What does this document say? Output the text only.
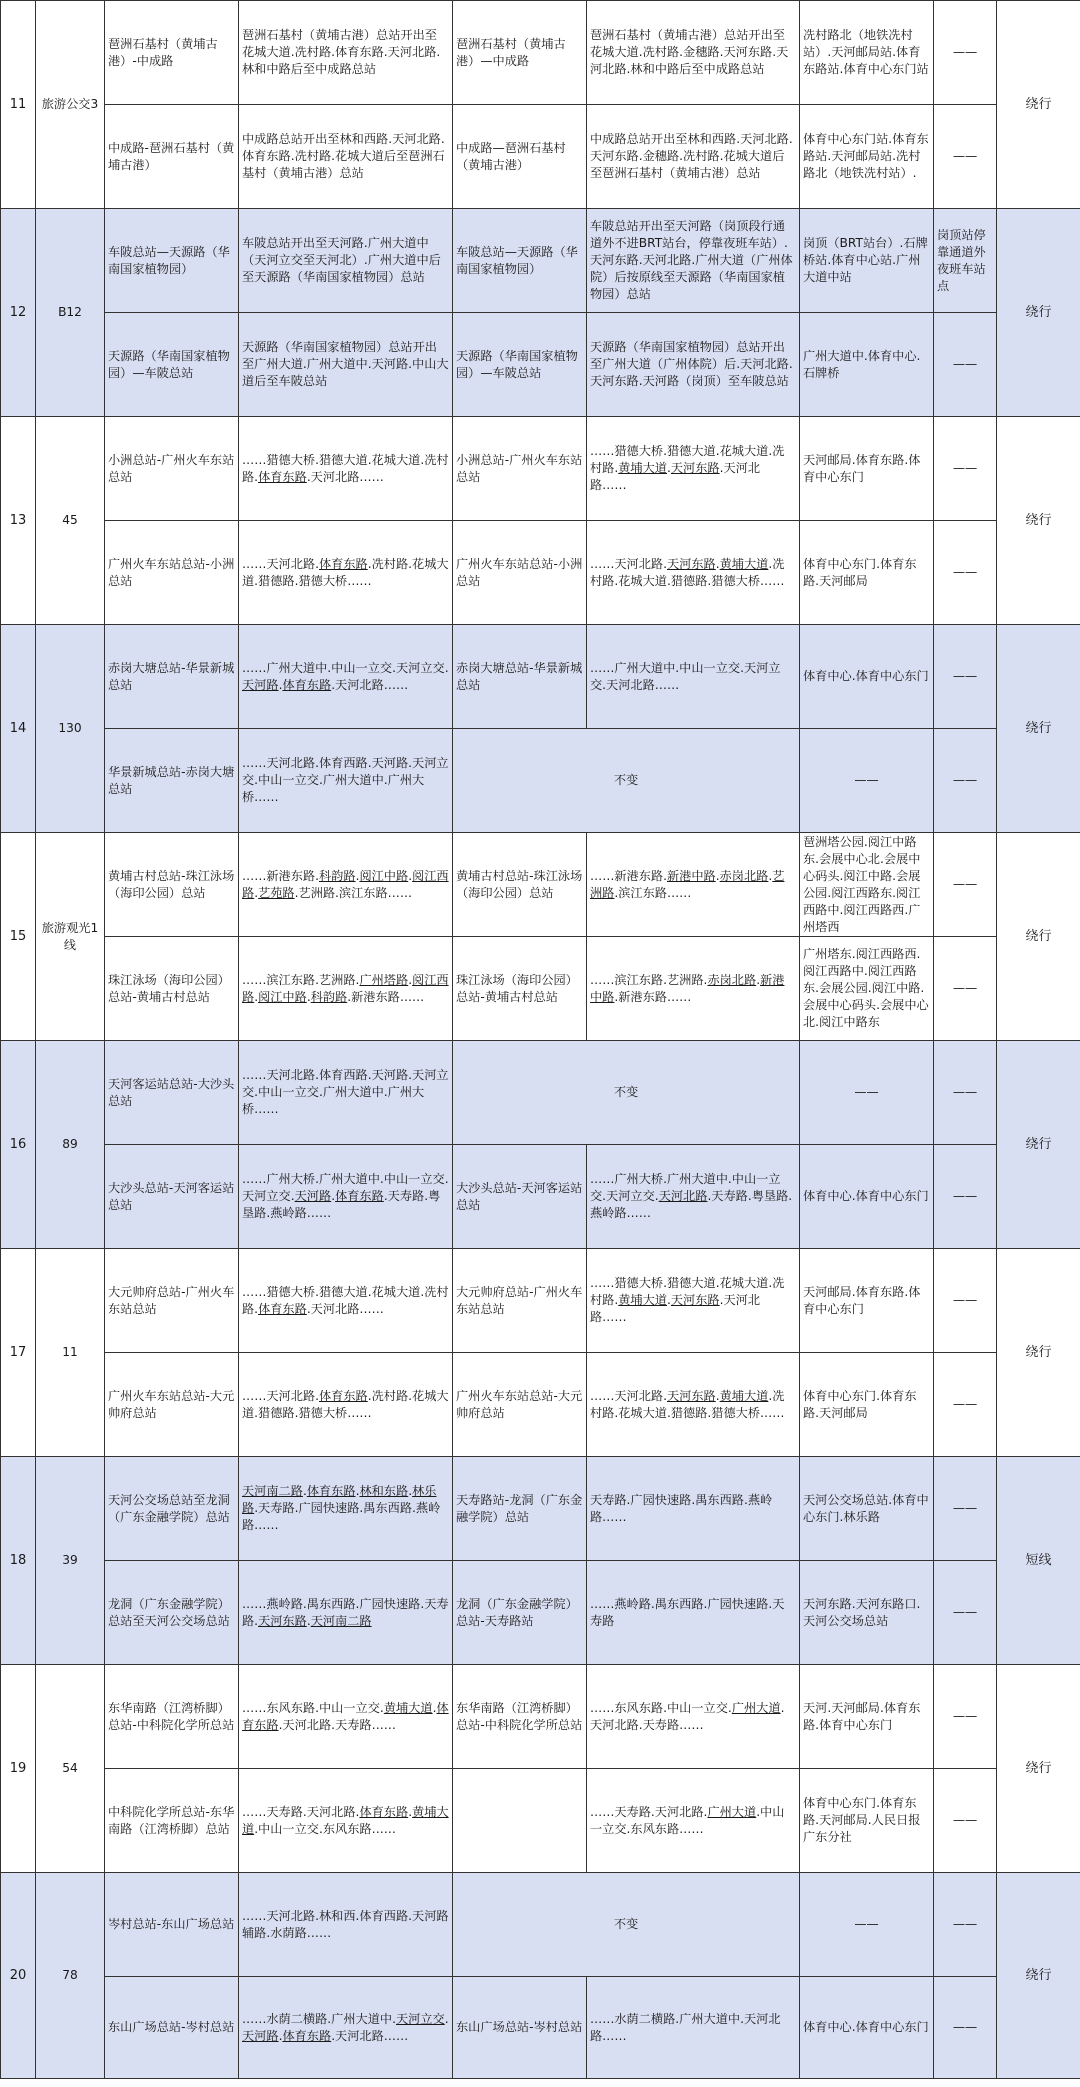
11	旅游公交3	琶洲石基村（黄埔古港）-中成路	琶洲石基村（黄埔古港）总站开出至花城大道.冼村路.体育东路.天河北路.林和中路后至中成路总站	琶洲石基村（黄埔古港）—中成路	琶洲石基村（黄埔古港）总站开出至花城大道.冼村路.金穗路.天河东路.天河北路.林和中路后至中成路总站	冼村路北（地铁冼村站）.天河邮局站.体育东路站.体育中心东门站	——	绕行
		中成路-琶洲石基村（黄埔古港）	中成路总站开出至林和西路.天河北路.体育东路.冼村路.花城大道后至琶洲石基村（黄埔古港）总站	中成路—琶洲石基村（黄埔古港）	中成路总站开出至林和西路.天河北路.天河东路.金穗路.冼村路.花城大道后至琶洲石基村（黄埔古港）总站	体育中心东门站.体育东路站.天河邮局站.冼村路北（地铁冼村站）.	——	
12	B12	车陂总站—天源路（华南国家植物园）	车陂总站开出至天河路.广州大道中（天河立交至天河北）.广州大道中后至天源路（华南国家植物园）总站	车陂总站—天源路（华南国家植物园）	车陂总站开出至天河路（岗顶段行通道外不进BRT站台，停靠夜班车站）.天河东路.天河北路.广州大道（广州体院）后按原线至天源路（华南国家植物园）总站	岗顶（BRT站台）.石牌桥站.体育中心站.广州大道中站	岗顶站停靠通道外夜班车站点	绕行
		天源路（华南国家植物园）—车陂总站	天源路（华南国家植物园）总站开出至广州大道.广州大道中.天河路.中山大道后至车陂总站	天源路（华南国家植物园）—车陂总站	天源路（华南国家植物园）总站开出至广州大道（广州体院）后.天河北路.天河东路.天河路（岗顶）至车陂总站	广州大道中.体育中心.石牌桥	——	
13	45	小洲总站-广州火车东站总站	……猎德大桥.猎德大道.花城大道.冼村路.体育东路.天河北路……	小洲总站-广州火车东站总站	……猎德大桥.猎德大道.花城大道.冼村路.黄埔大道.天河东路.天河北路……	天河邮局.体育东路.体育中心东门	——	绕行
		广州火车东站总站-小洲总站	……天河北路.体育东路.冼村路.花城大道.猎德路.猎德大桥……	广州火车东站总站-小洲总站	……天河北路.天河东路.黄埔大道.冼村路.花城大道.猎德路.猎德大桥……	体育中心东门.体育东路.天河邮局	——	
14	130	赤岗大塘总站-华景新城总站	……广州大道中.中山一立交.天河立交.天河路.体育东路.天河北路……	赤岗大塘总站-华景新城总站	……广州大道中.中山一立交.天河立交.天河北路……	体育中心.体育中心东门	——	绕行
		华景新城总站-赤岗大塘总站	……天河北路.体育西路.天河路.天河立交.中山一立交.广州大道中.广州大桥……	不变		——	——	
15	旅游观光1线	黄埔古村总站-珠江泳场（海印公园）总站	……新港东路.科韵路.阅江中路.阅江西路.艺苑路.艺洲路.滨江东路……	黄埔古村总站-珠江泳场（海印公园）总站	……新港东路.新港中路.赤岗北路.艺洲路.滨江东路……	琶洲塔公园.阅江中路东.会展中心北.会展中心码头.阅江中路.会展公园.阅江西路东.阅江西路中.阅江西路西.广州塔西	——	绕行
		珠江泳场（海印公园）总站-黄埔古村总站	……滨江东路.艺洲路.广州塔路.阅江西路.阅江中路.科韵路.新港东路……	珠江泳场（海印公园）总站-黄埔古村总站	……滨江东路.艺洲路.赤岗北路.新港中路.新港东路……	广州塔东.阅江西路西.阅江西路中.阅江西路东.会展公园.阅江中路.会展中心码头.会展中心北.阅江中路东	——	
16	89	天河客运站总站-大沙头总站	……天河北路.体育西路.天河路.天河立交.中山一立交.广州大道中.广州大桥……	不变		——	——	绕行
		大沙头总站-天河客运站总站	……广州大桥.广州大道中.中山一立交.天河立交.天河路.体育东路.天寿路.粤垦路.燕岭路……	大沙头总站-天河客运站总站	……广州大桥.广州大道中.中山一立交.天河立交.天河北路.天寿路.粤垦路.燕岭路……	体育中心.体育中心东门	——	
17	11	大元帅府总站-广州火车东站总站	……猎德大桥.猎德大道.花城大道.冼村路.体育东路.天河北路……	大元帅府总站-广州火车东站总站	……猎德大桥.猎德大道.花城大道.冼村路.黄埔大道.天河东路.天河北路……	天河邮局.体育东路.体育中心东门	——	绕行
		广州火车东站总站-大元帅府总站	……天河北路.体育东路.冼村路.花城大道.猎德路.猎德大桥……	广州火车东站总站-大元帅府总站	……天河北路.天河东路.黄埔大道.冼村路.花城大道.猎德路.猎德大桥……	体育中心东门.体育东路.天河邮局	——	
18	39	天河公交场总站至龙洞（广东金融学院）总站	天河南二路.体育东路.林和东路.林乐路.天寿路.广园快速路.禺东西路.燕岭路……	天寿路站-龙洞（广东金融学院）总站	天寿路.广园快速路.禺东西路.燕岭路……	天河公交场总站.体育中心东门.林乐路	——	短线
		龙洞（广东金融学院）总站至天河公交场总站	……燕岭路.禺东西路.广园快速路.天寿路.天河东路.天河南二路	龙洞（广东金融学院）总站-天寿路站	……燕岭路.禺东西路.广园快速路.天寿路	天河东路.天河东路口.天河公交场总站	——	
19	54	东华南路（江湾桥脚）总站-中科院化学所总站	……东风东路.中山一立交.黄埔大道.体育东路.天河北路.天寿路……	东华南路（江湾桥脚）总站-中科院化学所总站	……东风东路.中山一立交.广州大道.天河北路.天寿路……	天河.天河邮局.体育东路.体育中心东门	——	绕行
		中科院化学所总站-东华南路（江湾桥脚）总站	……天寿路.天河北路.体育东路.黄埔大道.中山一立交.东风东路……		……天寿路.天河北路.广州大道.中山一立交.东风东路……	体育中心东门.体育东路.天河邮局.人民日报广东分社	——	
20	78	岑村总站-东山广场总站	……天河北路.林和西.体育西路.天河路辅路.水荫路……	不变		——	——	绕行
		东山广场总站-岑村总站	……水荫二横路.广州大道中.天河立交.天河路.体育东路.天河北路……	东山广场总站-岑村总站	……水荫二横路.广州大道中.天河北路……	体育中心.体育中心东门	——	
